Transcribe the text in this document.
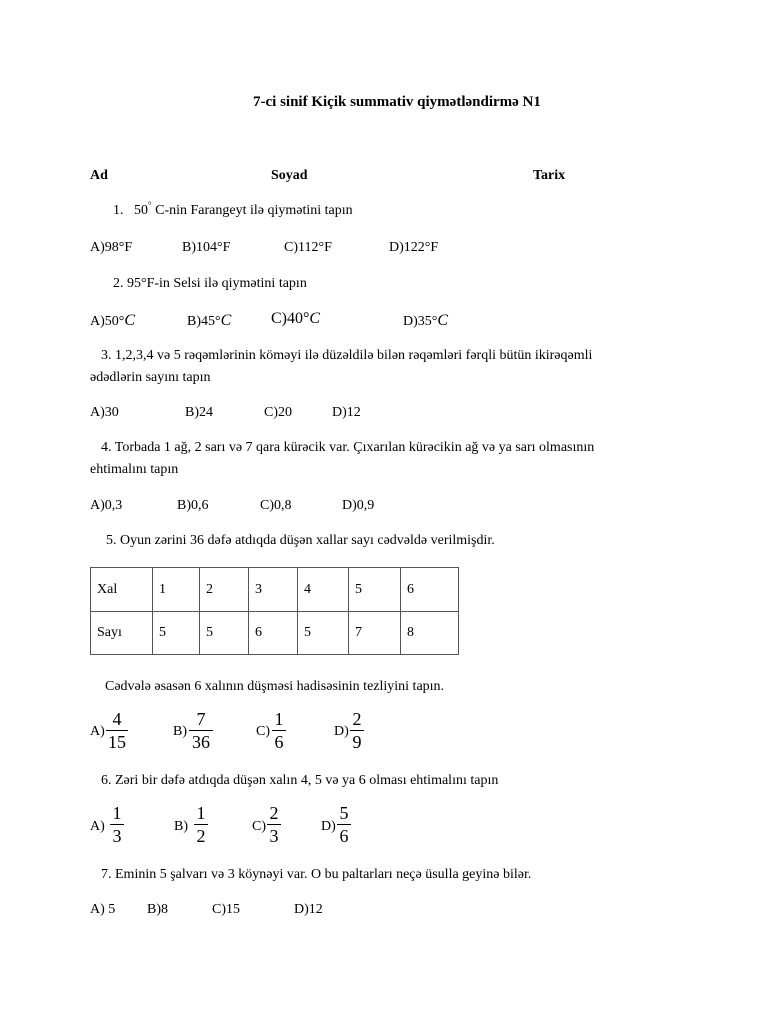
7-ci sinif Kiçik summativ qiymətləndirmə N1
Ad	Soyad	Tarix
1. 50° C-nin Farangeyt ilə qiymətini tapın
A)98°F	B)104°F	C)112°F	D)122°F
2. 95°F-in Selsi ilə qiymətini tapın
A)50°C	B)45°C C)40°C	D)35°C
3. 1,2,3,4 və 5 rəqəmlərinin köməyi ilə düzəldilə bilən rəqəmləri fərqli bütün ikirəqəmli
ədədlərin sayını tapın
A)30	B)24	C)20	D)12
4. Torbada 1 ağ, 2 sarı və 7 qara kürəcik var. Çıxarılan kürəcikin ağ və ya sarı olmasının
ehtimalını tapın
A)0,3	B)0,6	C)0,8	D)0,9
5. Oyun zərini 36 dəfə atdıqda düşən xallar sayı cədvəldə verilmişdir.
Xal	1	2	3	4	5	6
Sayı	5	5	6	5	7	8
Cədvələ əsasən 6 xalının düşməsi hadisəsinin tezliyini tapın.
A)
4
15
B)
7
36
C)
1
6
D)
2
9
6. Zəri bir dəfə atdıqda düşən xalın 4, 5 və ya 6 olması ehtimalını tapın
A)
1
3	B)
1
2	C)
2
3	D)
5
6
7. Eminin 5 şalvarı və 3 köynəyi var. O bu paltarları neçə üsulla geyinə bilər.
A) 5 B)8	C)15	D)12
